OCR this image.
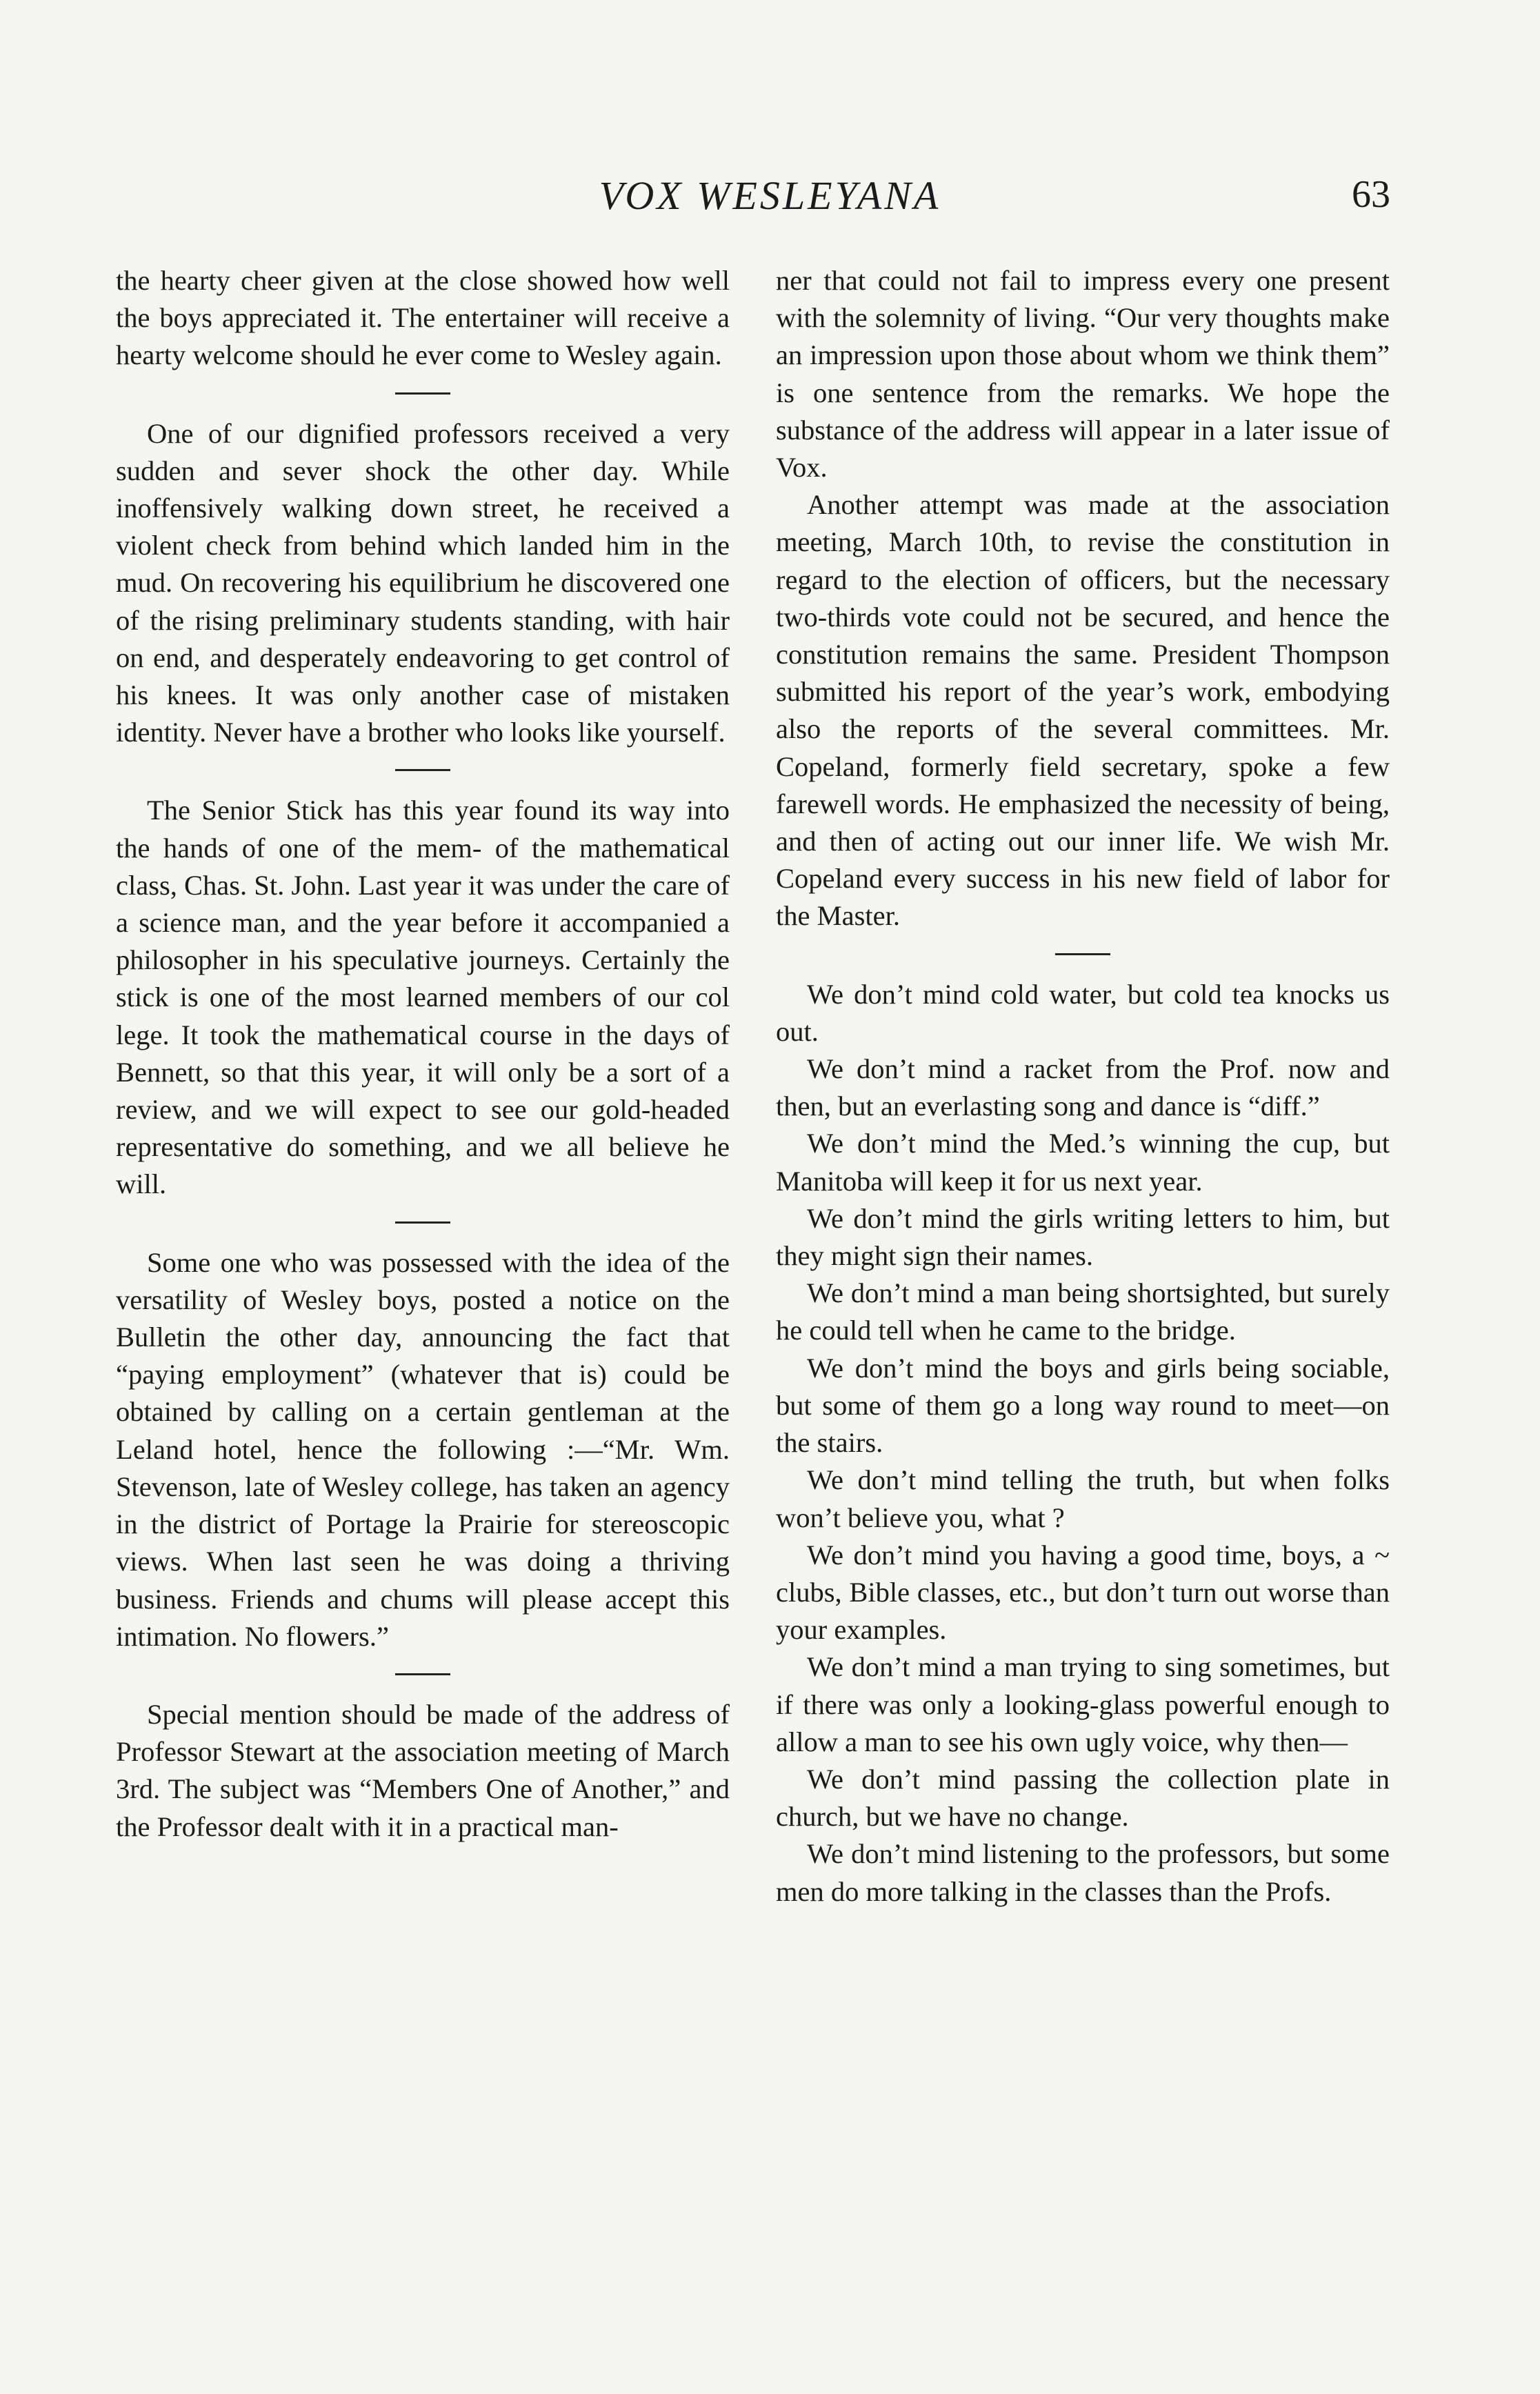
VOX WESLEYANA	63

the hearty cheer given at the close showed how well the boys appreciated it. The entertainer will receive a hearty welcome should he ever come to Wesley again.

One of our dignified professors received a very sudden and sever shock the other day. While inoffensively walking down street, he received a violent check from behind which landed him in the mud. On recovering his equilibrium he discovered one of the rising preliminary students standing, with hair on end, and desperately endeavoring to get control of his knees. It was only another case of mistaken identity. Never have a brother who looks like yourself.

The Senior Stick has this year found its way into the hands of one of the mem- of the mathematical class, Chas. St. John. Last year it was under the care of a science man, and the year before it accompanied a philosopher in his speculative journeys. Certainly the stick is one of the most learned members of our col lege. It took the mathematical course in the days of Bennett, so that this year, it will only be a sort of a review, and we will expect to see our gold-headed representative do something, and we all believe he will.

Some one who was possessed with the idea of the versatility of Wesley boys, posted a notice on the Bulletin the other day, announcing the fact that “paying employment” (whatever that is) could be obtained by calling on a certain gentleman at the Leland hotel, hence the following :—“Mr. Wm. Stevenson, late of Wesley college, has taken an agency in the district of Portage la Prairie for stereoscopic views. When last seen he was doing a thriving business. Friends and chums will please accept this intimation. No flowers.”

Special mention should be made of the address of Professor Stewart at the association meeting of March 3rd. The subject was “Members One of Another,” and the Professor dealt with it in a practical man-

ner that could not fail to impress every one present with the solemnity of living. “Our very thoughts make an impression upon those about whom we think them” is one sentence from the remarks. We hope the substance of the address will appear in a later issue of Vox.

Another attempt was made at the association meeting, March 10th, to revise the constitution in regard to the election of officers, but the necessary two-thirds vote could not be secured, and hence the constitution remains the same. President Thompson submitted his report of the year’s work, embodying also the reports of the several committees. Mr. Copeland, formerly field secretary, spoke a few farewell words. He emphasized the necessity of being, and then of acting out our inner life. We wish Mr. Copeland every success in his new field of labor for the Master.

We don’t mind cold water, but cold tea knocks us out.

We don’t mind a racket from the Prof. now and then, but an everlasting song and dance is “diff.”

We don’t mind the Med.’s winning the cup, but Manitoba will keep it for us next year.

We don’t mind the girls writing letters to him, but they might sign their names.

We don’t mind a man being shortsighted, but surely he could tell when he came to the bridge.

We don’t mind the boys and girls being sociable, but some of them go a long way round to meet—on the stairs.

We don’t mind telling the truth, but when folks won’t believe you, what ?

We don’t mind you having a good time, boys, a ~ clubs, Bible classes, etc., but don’t turn out worse than your examples.

We don’t mind a man trying to sing sometimes, but if there was only a looking-glass powerful enough to allow a man to see his own ugly voice, why then—

We don’t mind passing the collection plate in church, but we have no change.

We don’t mind listening to the professors, but some men do more talking in the classes than the Profs.
